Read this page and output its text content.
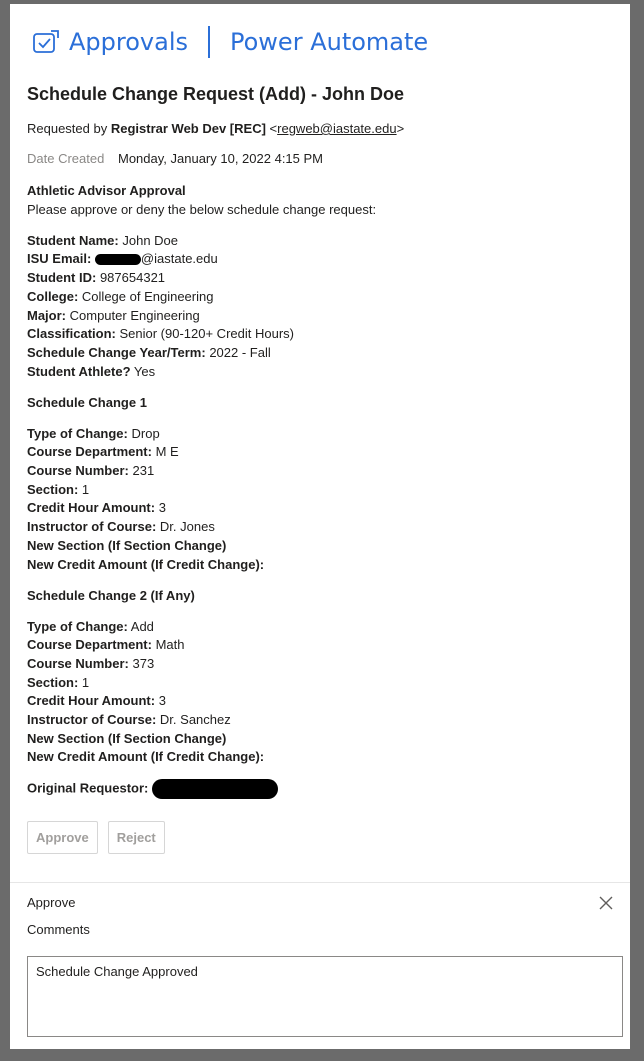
Approvals Power Automate
Schedule Change Request (Add) - John Doe
Requested by Registrar Web Dev [REC] <regweb@iastate.edu>
Date Created	Monday, January 10, 2022 4:15 PM
Athletic Advisor Approval
Please approve or deny the below schedule change request:
Student Name: John Doe
ISU Email:	@iastate.edu
Student ID: 987654321
College: College of Engineering
Major: Computer Engineering
Classification: Senior (90-120+ Credit Hours)
Schedule Change Year/Term: 2022 - Fall
Student Athlete? Yes
Schedule Change 1
Type of Change: Drop
Course Department: M E
Course Number: 231
Section: 1
Credit Hour Amount: 3
Instructor of Course: Dr. Jones
New Section (If Section Change)
New Credit Amount (If Credit Change):
Schedule Change 2 (If Any)
Type of Change: Add
Course Department: Math
Course Number: 373
Section: 1
Credit Hour Amount: 3
Instructor of Course: Dr. Sanchez
New Section (If Section Change)
New Credit Amount (If Credit Change):
Original Requestor:
Approve	Reject
Approve
Comments
Schedule Change Approved
